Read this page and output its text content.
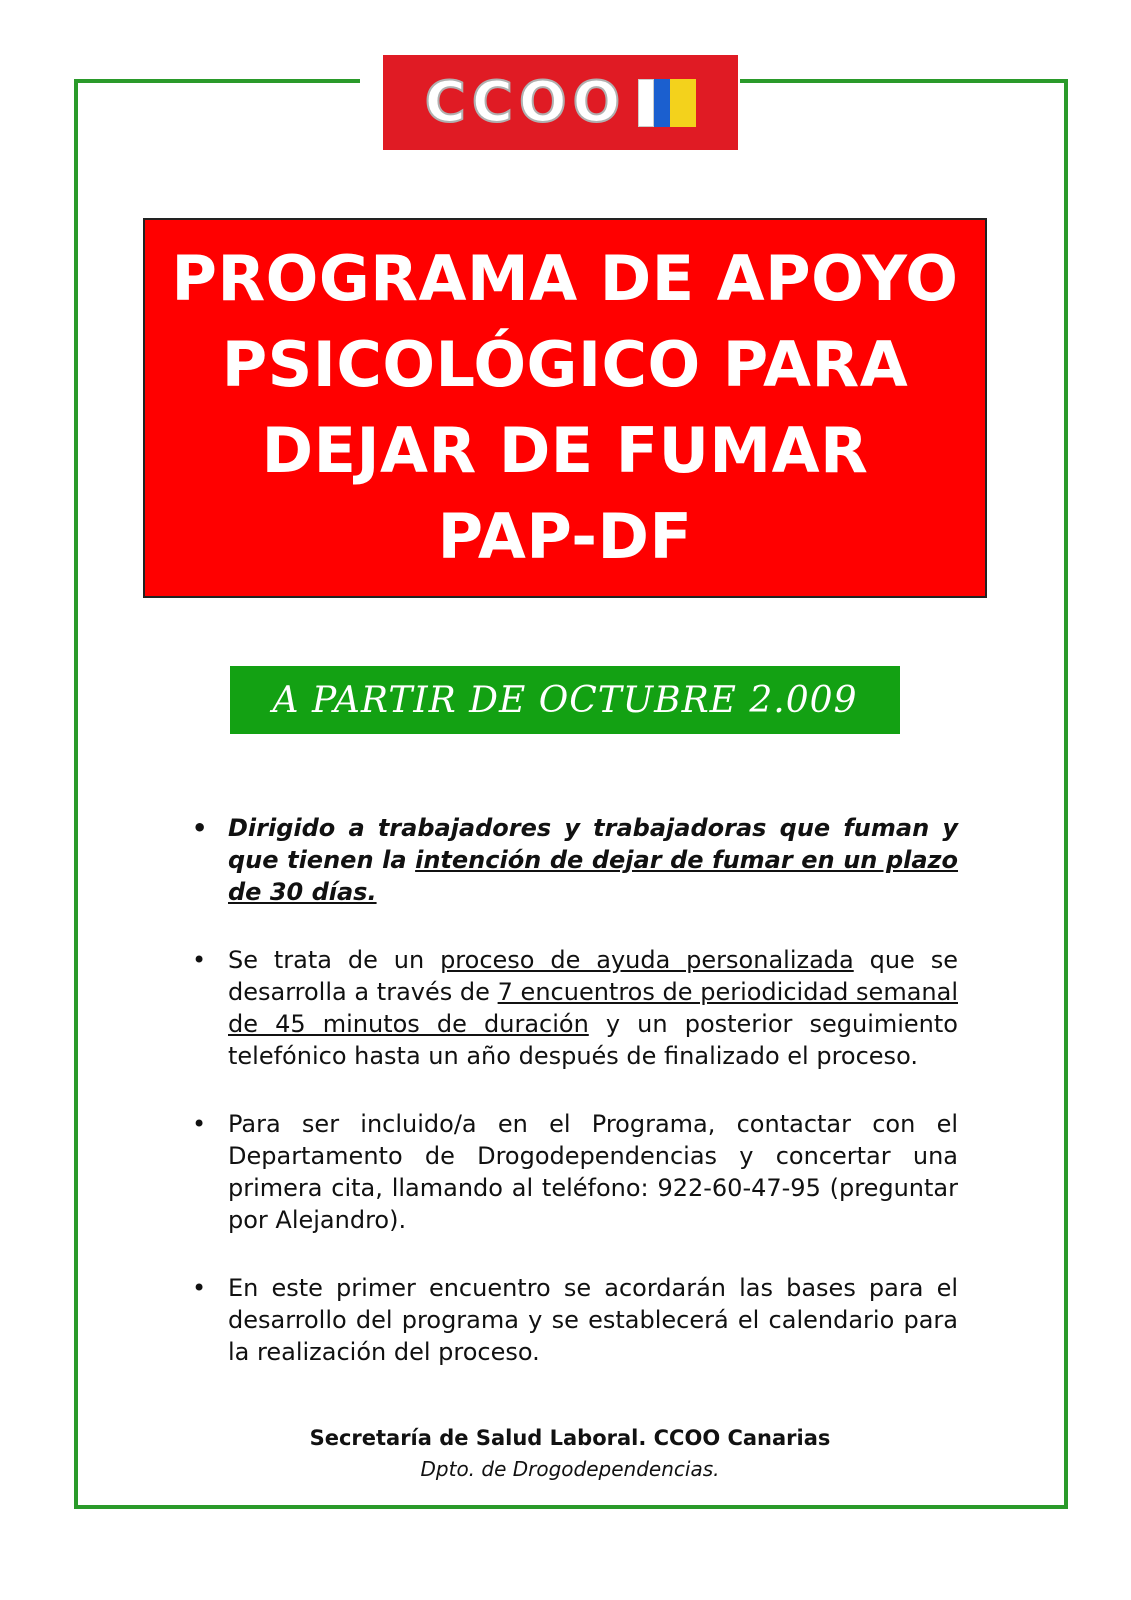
CCOO
PROGRAMA DE APOYO
PSICOLÓGICO PARA
DEJAR DE FUMAR
PAP-DF
A PARTIR DE OCTUBRE 2.009
• Dirigido a trabajadores y trabajadoras que fuman y que tienen la intención de dejar de fumar en un plazo de 30 días.
• Se trata de un proceso de ayuda personalizada que se desarrolla a través de 7 encuentros de periodicidad semanal de 45 minutos de duración y un posterior seguimiento telefónico hasta un año después de finalizado el proceso.
• Para ser incluido/a en el Programa, contactar con el Departamento de Drogodependencias y concertar una primera cita, llamando al teléfono: 922-60-47-95 (preguntar por Alejandro).
• En este primer encuentro se acordarán las bases para el desarrollo del programa y se establecerá el calendario para la realización del proceso.
Secretaría de Salud Laboral. CCOO Canarias
Dpto. de Drogodependencias.
